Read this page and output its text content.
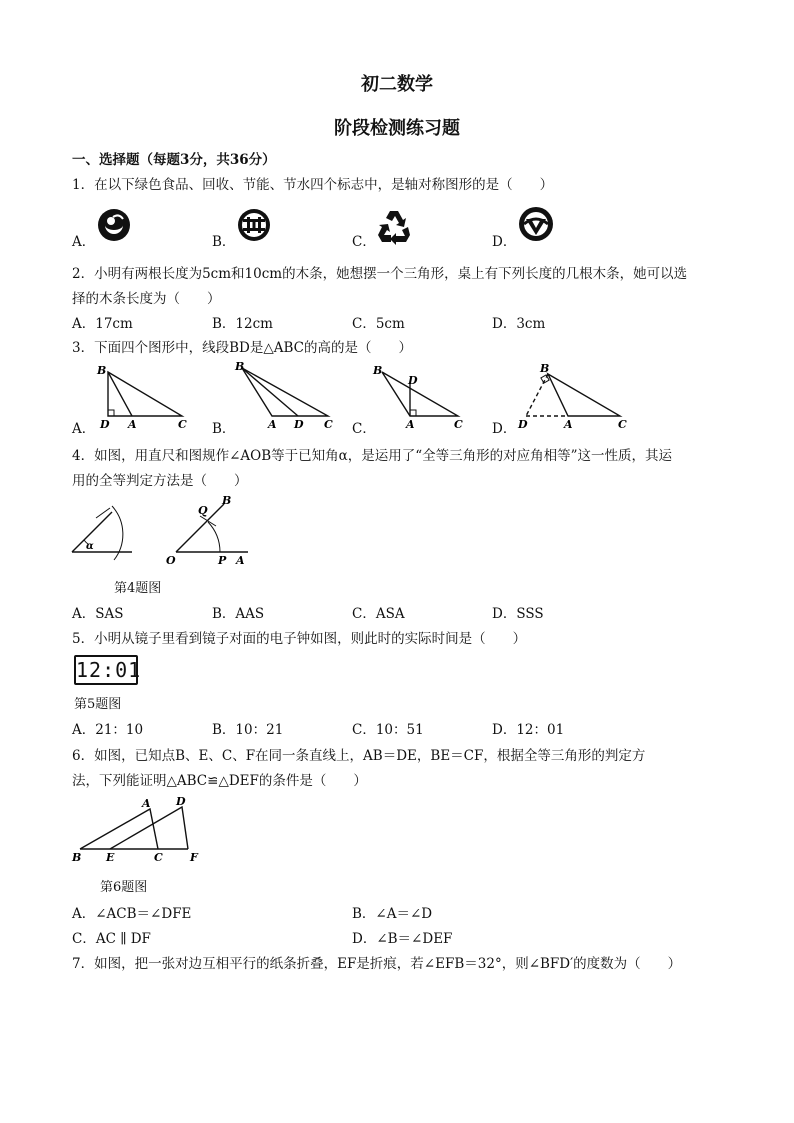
初二数学
阶段检测练习题
一、选择题（每题3分，共36分）
1．在以下绿色食品、回收、节能、节水四个标志中，是轴对称图形的是（　　）
A．	B．	C．	D．
2．小明有两根长度为5cm和10cm的木条，她想摆一个三角形，桌上有下列长度的几根木条，她可以选
择的木条长度为（　　）
A．17cm	B．12cm	C．5cm	D．3cm
3．下面四个图形中，线段BD是△ABC的高的是（　　）
A．	B．	C．	D．
B
D A	C
B
A D C
B
D
A	C
B
D	A	C
4．如图，用直尺和图规作∠AOB等于已知角α，是运用了“全等三角形的对应角相等”这一性质，其运
用的全等判定方法是（　　）
α
Q
B
O	P A
第4题图
A．SAS	B．AAS	C．ASA	D．SSS
5．小明从镜子里看到镜子对面的电子钟如图，则此时的实际时间是（　　）
12:01
第5题图
A．21：10	B．10：21	C．10：51	D．12：01
6．如图，已知点B、E、C、F在同一条直线上，AB＝DE，BE＝CF，根据全等三角形的判定方
法，下列能证明△ABC≌△DEF的条件是（　　）
A D
B E	C F
第6题图
A．∠ACB＝∠DFE	B．∠A＝∠D
C．AC ∥ DF	D．∠B＝∠DEF
7．如图，把一张对边互相平行的纸条折叠，EF是折痕，若∠EFB＝32°，则∠BFD′的度数为（　　）
